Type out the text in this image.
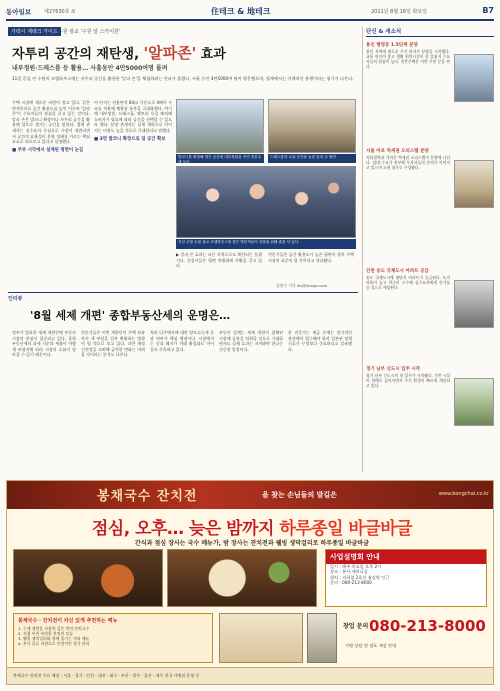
동아일보	제27630호 ⑤	住테크 & 地테크	2011년 8월 16일 화요일	B7
가락시 재테크 가이드 수원 광교 '수원 알 스카이원'
자투리 공간의 재탄생, '알파존' 효과
내부정원·드레스룸 등 활용… 사흘동안 4만5000여명 몰려
11일 문을 연 수원의 모델하우스에는 자투리 공간을 활용한 '알파 존'을 체험하려는 인파가 몰렸다. 사흘 동안 4만5000여 명이 방문했으며, 업계에서는 이례적인 흥행이라는 평가가 나온다.
주택 시장에 새로운 바람이 불고 있다. 같은 면적이라도 공간 활용도를 높인 이른바 '알파 존'이 수요자들의 관심을 끌고 있는 것이다. 알파 존은 발코니 확장이나 자투리 공간을 활용해 덤으로 생기는 공간을 말한다. 업계 관계자는 실수요자 중심으로 시장이 재편되면서 공간의 효율성이 분양 성패를 가르는 핵심 요소로 떠오르고 있다고 설명했다.
■ 주부 시각에서 설계된 평면이 눈길
이 단지는 전용면적 84㎡ 기준으로 4베이 구조를 적용해 채광과 통풍을 극대화했다. 여기에 내부정원, 드레스룸, 팬트리 등을 배치해 소비자가 필요에 따라 공간을 선택할 수 있도록 했다. 분양 관계자는 실제 계약으로 이어지는 비율도 높을 것으로 기대한다고 말했다.
■ 3면 발코니 확장으로 덤 공간 확보
발코니를 확장해 생긴 공간에 내부정원을 꾸민 견본주택 모습
드레스룸과 수납 공간을 늘린 알파 존 평면
지난 주말 수원 광교 모델하우스를 찾은 방문객들이 상담을 위해 줄을 서 있다.
▶ 알파 존 효과는 다른 지역으로도 확산되는 분위기다. 건설사들은 평면 차별화에 사활을 걸고 있다.
전문가들은 공간 활용도가 높은 평면이 향후 주택 시장의 표준이 될 것이라고 내다봤다.
김현수 기자 lhs@donga.com
인터뷰
'8월 세제 개편' 종합부동산세의 운명은…
정부가 발표한 세제 개편안에 부동산 시장의 관심이 집중되고 있다. 종합부동산세의 과세 기준과 세율이 어떻게 바뀔지에 따라 시장의 흐름이 달라질 수 있기 때문이다.
전문가들은 이번 개편안이 주택 보유자의 세 부담을 일부 완화하는 방향이 될 것으로 보고 있다. 다만 재정 건전성을 고려해 급격한 변화는 어려울 것이라는 분석도 나온다.
특히 다주택자에 대한 양도소득세 중과 여부가 핵심 쟁점이다. 시장에서는 중과 폐지가 거래 활성화로 이어질지 주목하고 있다.
부동산 업계는 세제 개편이 침체된 시장에 숨통을 틔워줄 것으로 기대하면서도 실제 효과는 지켜봐야 한다는 신중한 입장이다.
한 전문가는 세금 문제는 장기적인 관점에서 접근해야 하며 일관된 정책 신호가 무엇보다 중요하다고 강조했다.
단신 & 새소식
용인 행정동 1.5단계 분양
용인 지역에 새로운 주거 단지가 분양을 시작했다. 교통 여건이 좋고 생활 편의시설이 잘 갖춰져 수요자들의 관심이 높다. 견본주택은 이번 주말 문을 연다.
서울 마포 역세권 오피스텔 분양
지하철역과 가까운 역세권 오피스텔이 분양에 나선다. 임대 수요가 풍부해 투자자들의 문의가 이어지고 있으며 소형 위주로 구성됐다.
인천 송도 국제도시 아파트 공급
송도 국제도시에 대단지 아파트가 공급된다. 녹지 비율이 높고 학군이 우수해 실수요자에게 인기를 끌 것으로 예상된다.
경기 남부 신도시 입주 시작
경기 남부 신도시의 첫 입주가 시작됐다. 기반 시설이 차례로 들어서면서 주거 환경이 빠르게 개선되고 있다.
봉채국수 잔치전	을 찾는 손님들의 발길은	www.bongchai.co.kr
점심, 오후… 늦은 밤까지 하루종일 바글바글
간식과 점심 장사는 국수 메뉴가, 밤 장사는 잔치전과 웰빙 생막걸리로 하루종일 바글바글
사업설명회 안내
일시 : 매주 목요일 오후 2시
장소 : 본사 세미나실
위치 : 지하철 2호선 잠실역 인근
문의 : 080-213-8000
봉채국수 · 잔치전이 자신 있게 추천하는 메뉴
1. 수제 생면을 사용한 깊은 맛의 잔치국수
2. 직접 부친 바삭한 잔치전 모둠
3. 웰빙 생막걸리와 함께 즐기는 저녁 메뉴
4. 본사 물류 지원으로 안정적인 원가 관리
창업 문의 080-213-8000
가맹 상담 및 점포 개설 안내
봉채국수 잔치전 주요 매장 : 서울 · 경기 · 인천 · 대전 · 대구 · 부산 · 광주 · 울산 · 제주 전국 가맹점 운영 중
